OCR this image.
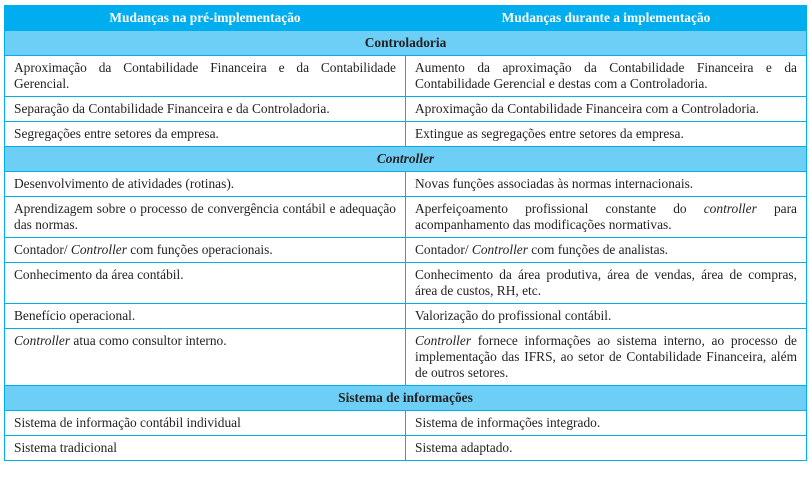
Mudanças na pré-implementação	Mudanças durante a implementação
Controladoria	
Aproximação da Contabilidade Financeira e da Contabilidade Gerencial.	Aumento da aproximação da Contabilidade Financeira e da Contabilidade Gerencial e destas com a Controladoria.
Separação da Contabilidade Financeira e da Controladoria.	Aproximação da Contabilidade Financeira com a Controladoria.
Segregações entre setores da empresa.	Extingue as segregações entre setores da empresa.
Controller	
Desenvolvimento de atividades (rotinas).	Novas funções associadas às normas internacionais.
Aprendizagem sobre o processo de convergência contábil e adequação das normas.	Aperfeiçoamento profissional constante do controller para acompanhamento das modificações normativas.
Contador/ Controller com funções operacionais.	Contador/ Controller com funções de analistas.
Conhecimento da área contábil.	Conhecimento da área produtiva, área de vendas, área de compras, área de custos, RH, etc.
Benefício operacional.	Valorização do profissional contábil.
Controller atua como consultor interno.	Controller fornece informações ao sistema interno, ao processo de implementação das IFRS, ao setor de Contabilidade Financeira, além de outros setores.
Sistema de informações	
Sistema de informação contábil individual	Sistema de informações integrado.
Sistema tradicional	Sistema adaptado.
